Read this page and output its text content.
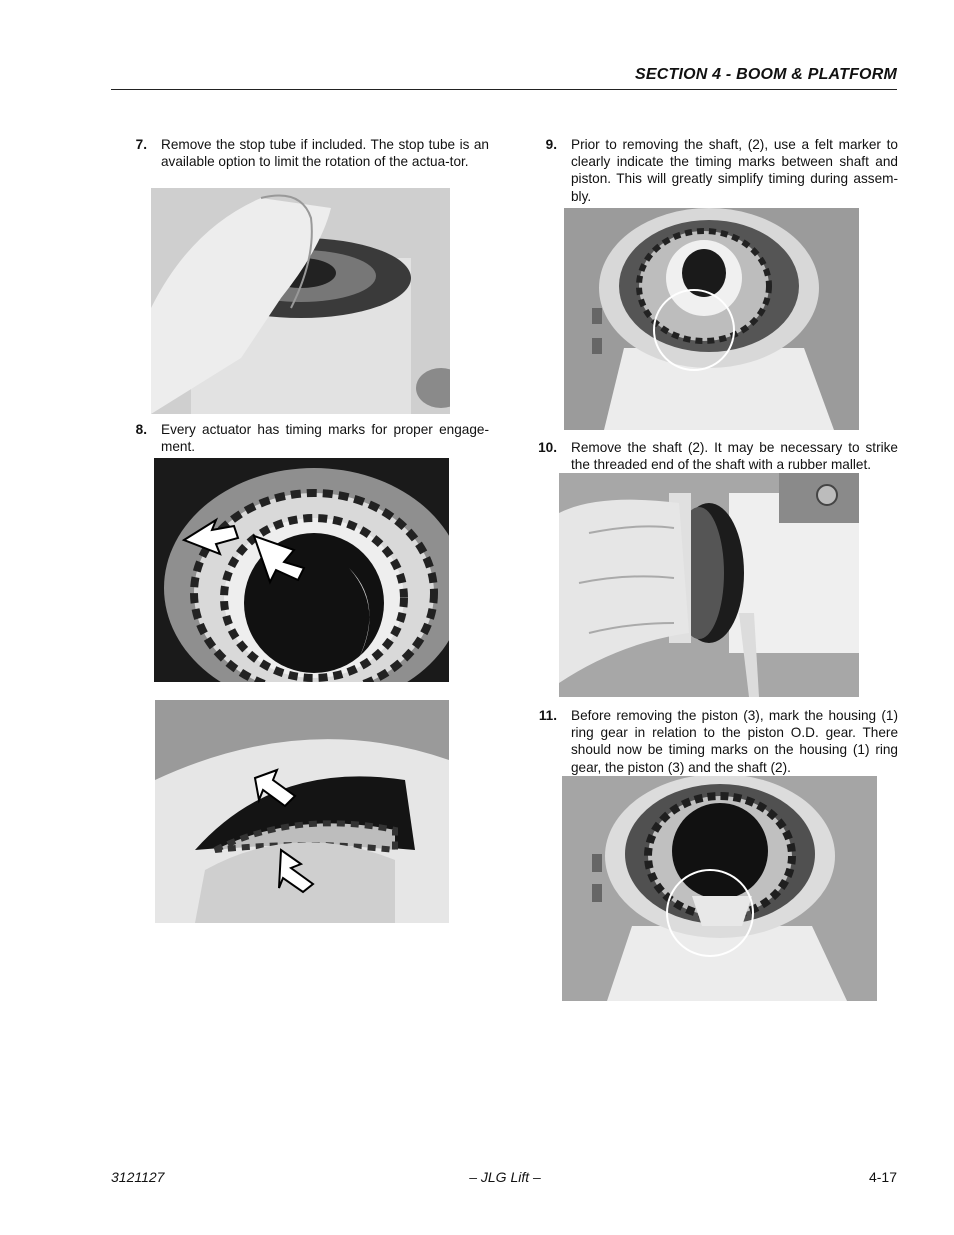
SECTION 4 - BOOM & PLATFORM
7. Remove the stop tube if included. The stop tube is an available option to limit the rotation of the actua-tor.
8. Every actuator has timing marks for proper engage-ment.
9. Prior to removing the shaft, (2), use a felt marker to clearly indicate the timing marks between shaft and piston. This will greatly simplify timing during assem-bly.
10. Remove the shaft (2). It may be necessary to strike the threaded end of the shaft with a rubber mallet.
11. Before removing the piston (3), mark the housing (1) ring gear in relation to the piston O.D. gear. There should now be timing marks on the housing (1) ring gear, the piston (3) and the shaft (2).
3121127	– JLG Lift –	4-17
